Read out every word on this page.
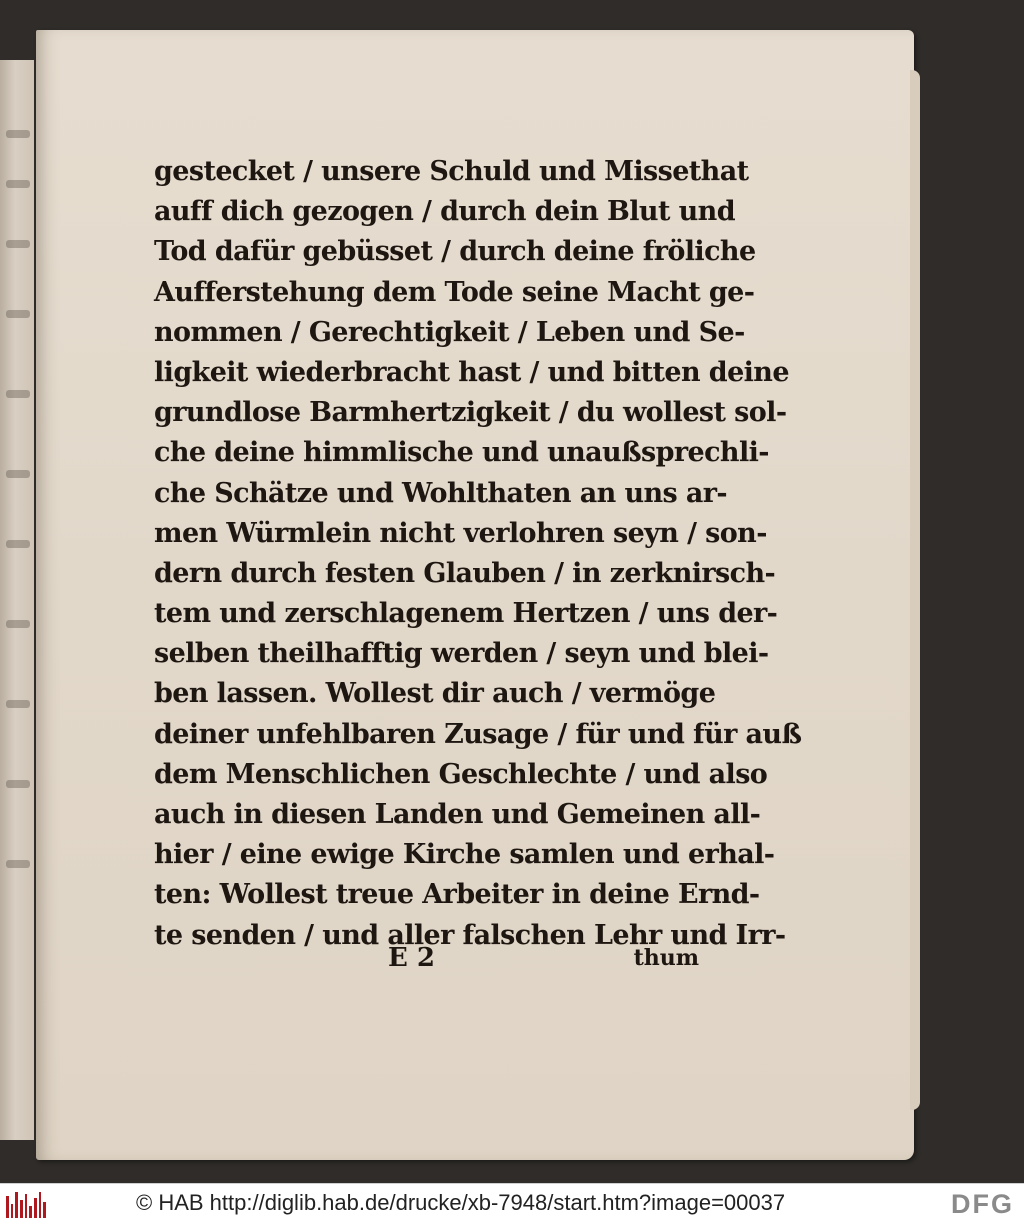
gestecket / unsere Schuld und Missethat
auff dich gezogen / durch dein Blut und
Tod dafür gebüsset / durch deine fröliche
Aufferstehung dem Tode seine Macht ge-
nommen / Gerechtigkeit / Leben und Se-
ligkeit wiederbracht hast / und bitten deine
grundlose Barmhertzigkeit / du wollest sol-
che deine himmlische und unaußsprechli-
che Schätze und Wohlthaten an uns ar-
men Würmlein nicht verlohren seyn / son-
dern durch festen Glauben / in zerknirsch-
tem und zerschlagenem Hertzen / uns der-
selben theilhafftig werden / seyn und blei-
ben lassen. Wollest dir auch / vermöge
deiner unfehlbaren Zusage / für und für auß
dem Menschlichen Geschlechte / und also
auch in diesen Landen und Gemeinen all-
hier / eine ewige Kirche samlen und erhal-
ten: Wollest treue Arbeiter in deine Ernd-
te senden / und aller falschen Lehr und Irr-
E 2	thum
© HAB http://diglib.hab.de/drucke/xb-7948/start.htm?image=00037	DFG
